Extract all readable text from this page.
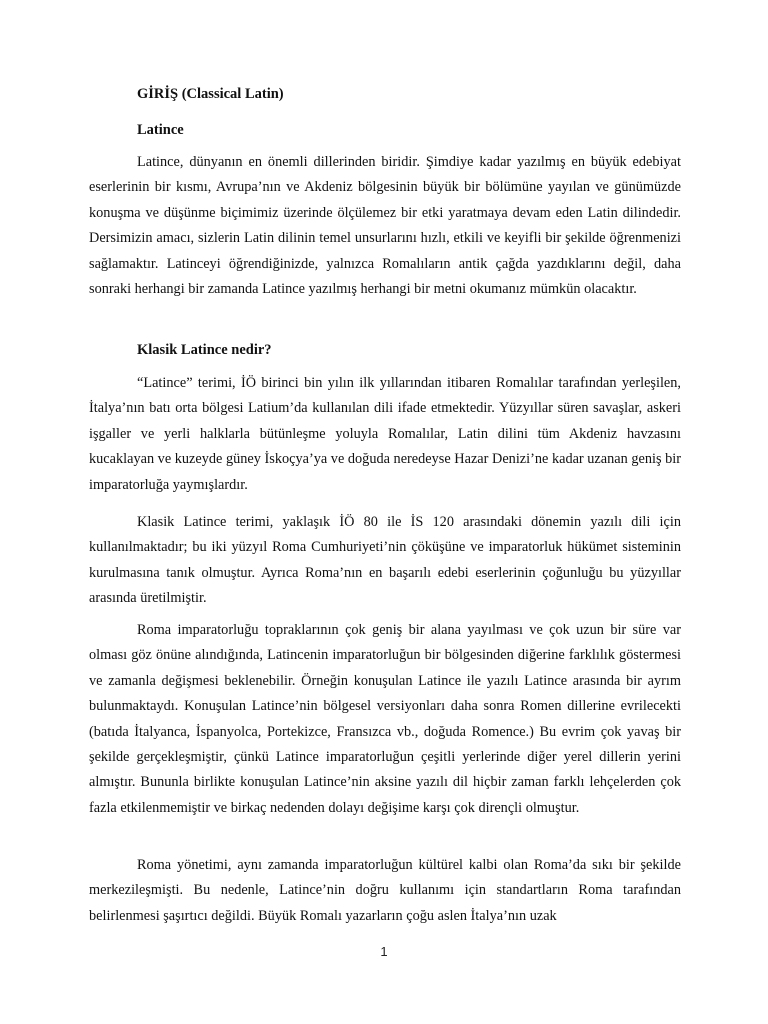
GİRİŞ (Classical Latin)
Latince

Latince, dünyanın en önemli dillerinden biridir. Şimdiye kadar yazılmış en büyük edebiyat eserlerinin bir kısmı, Avrupa’nın ve Akdeniz bölgesinin büyük bir bölümüne yayılan ve günümüzde konuşma ve düşünme biçimimiz üzerinde ölçülemez bir etki yaratmaya devam eden Latin dilindedir. Dersimizin amacı, sizlerin Latin dilinin temel unsurlarını hızlı, etkili ve keyifli bir şekilde öğrenmenizi sağlamaktır. Latinceyi öğrendiğinizde, yalnızca Romalıların antik çağda yazdıklarını değil, daha sonraki herhangi bir zamanda Latince yazılmış herhangi bir metni okumanız mümkün olacaktır.

Klasik Latince nedir?

“Latince” terimi, İÖ birinci bin yılın ilk yıllarından itibaren Romalılar tarafından yerleşilen, İtalya’nın batı orta bölgesi Latium’da kullanılan dili ifade etmektedir. Yüzyıllar süren savaşlar, askeri işgaller ve yerli halklarla bütünleşme yoluyla Romalılar, Latin dilini tüm Akdeniz havzasını kucaklayan ve kuzeyde güney İskoçya’ya ve doğuda neredeyse Hazar Denizi’ne kadar uzanan geniş bir imparatorluğa yaymışlardır.

Klasik Latince terimi, yaklaşık İÖ 80 ile İS 120 arasındaki dönemin yazılı dili için kullanılmaktadır; bu iki yüzyıl Roma Cumhuriyeti’nin çöküşüne ve imparatorluk hükümet sisteminin kurulmasına tanık olmuştur. Ayrıca Roma’nın en başarılı edebi eserlerinin çoğunluğu bu yüzyıllar arasında üretilmiştir.

Roma imparatorluğu topraklarının çok geniş bir alana yayılması ve çok uzun bir süre var olması göz önüne alındığında, Latincenin imparatorluğun bir bölgesinden diğerine farklılık göstermesi ve zamanla değişmesi beklenebilir. Örneğin konuşulan Latince ile yazılı Latince arasında bir ayrım bulunmaktaydı. Konuşulan Latince’nin bölgesel versiyonları daha sonra Romen dillerine evrilecekti (batıda İtalyanca, İspanyolca, Portekizce, Fransızca vb., doğuda Romence.) Bu evrim çok yavaş bir şekilde gerçekleşmiştir, çünkü Latince imparatorluğun çeşitli yerlerinde diğer yerel dillerin yerini almıştır. Bununla birlikte konuşulan Latince’nin aksine yazılı dil hiçbir zaman farklı lehçelerden çok fazla etkilenmemiştir ve birkaç nedenden dolayı değişime karşı çok dirençli olmuştur.

Roma yönetimi, aynı zamanda imparatorluğun kültürel kalbi olan Roma’da sıkı bir şekilde merkezileşmişti. Bu nedenle, Latince’nin doğru kullanımı için standartların Roma tarafından belirlenmesi şaşırtıcı değildi. Büyük Romalı yazarların çoğu aslen İtalya’nın uzak

1
